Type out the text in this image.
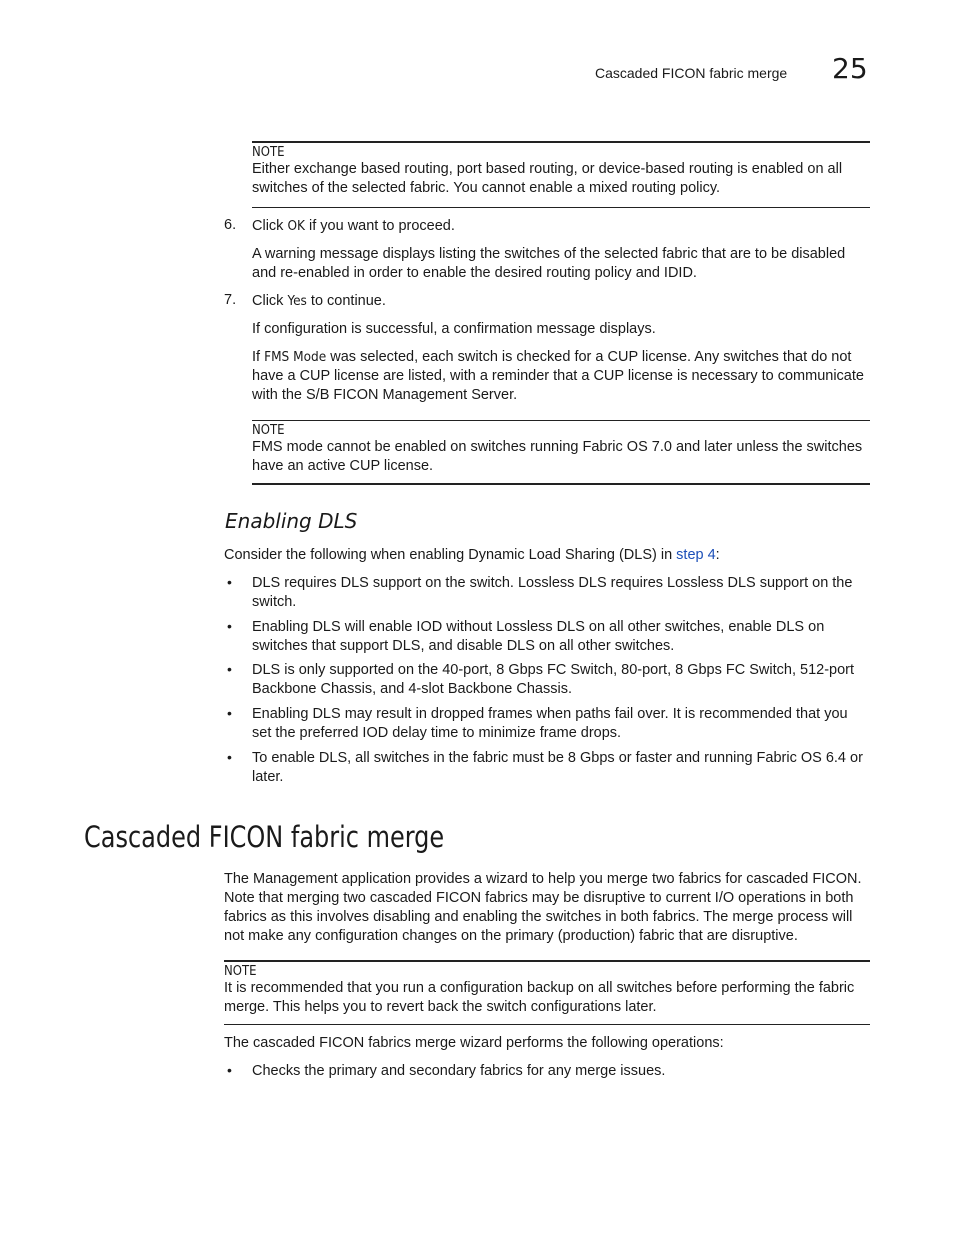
Cascaded FICON fabric merge 25
NOTE

Either exchange based routing, port based routing, or device-based routing is enabled on all switches of the selected fabric. You cannot enable a mixed routing policy.

6. Click OK if you want to proceed.

A warning message displays listing the switches of the selected fabric that are to be disabled and re-enabled in order to enable the desired routing policy and IDID.

7. Click Yes to continue.

If configuration is successful, a confirmation message displays.

If FMS Mode was selected, each switch is checked for a CUP license. Any switches that do not have a CUP license are listed, with a reminder that a CUP license is necessary to communicate with the S/B FICON Management Server.

NOTE

FMS mode cannot be enabled on switches running Fabric OS 7.0 and later unless the switches have an active CUP license.

Enabling DLS

Consider the following when enabling Dynamic Load Sharing (DLS) in step 4:

• DLS requires DLS support on the switch. Lossless DLS requires Lossless DLS support on the switch.

• Enabling DLS will enable IOD without Lossless DLS on all other switches, enable DLS on switches that support DLS, and disable DLS on all other switches.

• DLS is only supported on the 40-port, 8 Gbps FC Switch, 80-port, 8 Gbps FC Switch, 512-port Backbone Chassis, and 4-slot Backbone Chassis.

• Enabling DLS may result in dropped frames when paths fail over. It is recommended that you set the preferred IOD delay time to minimize frame drops.

• To enable DLS, all switches in the fabric must be 8 Gbps or faster and running Fabric OS 6.4 or later.

Cascaded FICON fabric merge

The Management application provides a wizard to help you merge two fabrics for cascaded FICON. Note that merging two cascaded FICON fabrics may be disruptive to current I/O operations in both fabrics as this involves disabling and enabling the switches in both fabrics. The merge process will not make any configuration changes on the primary (production) fabric that are disruptive.

NOTE

It is recommended that you run a configuration backup on all switches before performing the fabric merge. This helps you to revert back the switch configurations later.

The cascaded FICON fabrics merge wizard performs the following operations:

• Checks the primary and secondary fabrics for any merge issues.
